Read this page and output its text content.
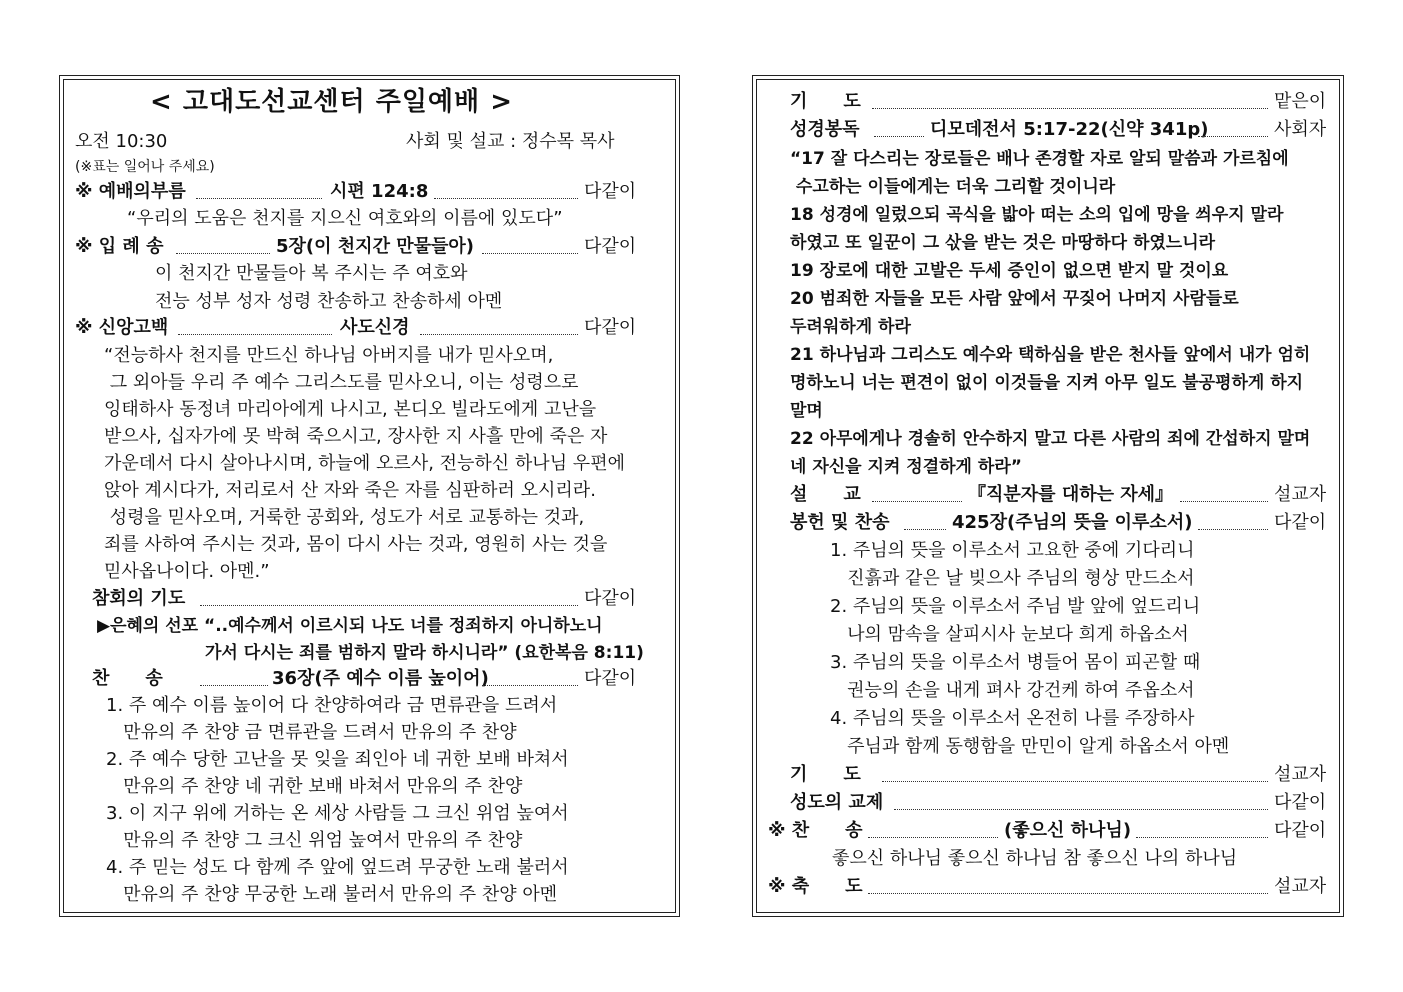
< 고대도선교센터 주일예배 >
오전 10:30	사회 및 설교 : 정수목 목사
(※표는 일어나 주세요)
※ 예배의부름	시편 124:8	다같이
“우리의 도움은 천지를 지으신 여호와의 이름에 있도다”
※ 입 례 송	5장(이 천지간 만물들아)	다같이
이 천지간 만물들아 복 주시는 주 여호와
전능 성부 성자 성령 찬송하고 찬송하세 아멘
※ 신앙고백	사도신경	다같이
“전능하사 천지를 만드신 하나님 아버지를 내가 믿사오며,
그 외아들 우리 주 예수 그리스도를 믿사오니, 이는 성령으로
잉태하사 동정녀 마리아에게 나시고, 본디오 빌라도에게 고난을
받으사, 십자가에 못 박혀 죽으시고, 장사한 지 사흘 만에 죽은 자
가운데서 다시 살아나시며, 하늘에 오르사, 전능하신 하나님 우편에
앉아 계시다가, 저리로서 산 자와 죽은 자를 심판하러 오시리라.
성령을 믿사오며, 거룩한 공회와, 성도가 서로 교통하는 것과,
죄를 사하여 주시는 것과, 몸이 다시 사는 것과, 영원히 사는 것을
믿사옵나이다. 아멘.”
참회의 기도	다같이
▶은혜의 선포 “..예수께서 이르시되 나도 너를 정죄하지 아니하노니
가서 다시는 죄를 범하지 말라 하시니라” (요한복음 8:11)
찬　　송	36장(주 예수 이름 높이어)	다같이
1. 주 예수 이름 높이어 다 찬양하여라 금 면류관을 드려서
만유의 주 찬양 금 면류관을 드려서 만유의 주 찬양
2. 주 예수 당한 고난을 못 잊을 죄인아 네 귀한 보배 바쳐서
만유의 주 찬양 네 귀한 보배 바쳐서 만유의 주 찬양
3. 이 지구 위에 거하는 온 세상 사람들 그 크신 위엄 높여서
만유의 주 찬양 그 크신 위엄 높여서 만유의 주 찬양
4. 주 믿는 성도 다 함께 주 앞에 엎드려 무궁한 노래 불러서
만유의 주 찬양 무궁한 노래 불러서 만유의 주 찬양 아멘
기　　도	맡은이
성경봉독	디모데전서 5:17-22(신약 341p)	사회자
“17 잘 다스리는 장로들은 배나 존경할 자로 알되 말씀과 가르침에
수고하는 이들에게는 더욱 그리할 것이니라
18 성경에 일렀으되 곡식을 밟아 떠는 소의 입에 망을 씌우지 말라
하였고 또 일꾼이 그 삯을 받는 것은 마땅하다 하였느니라
19 장로에 대한 고발은 두세 증인이 없으면 받지 말 것이요
20 범죄한 자들을 모든 사람 앞에서 꾸짖어 나머지 사람들로
두려워하게 하라
21 하나님과 그리스도 예수와 택하심을 받은 천사들 앞에서 내가 엄히
명하노니 너는 편견이 없이 이것들을 지켜 아무 일도 불공평하게 하지
말며
22 아무에게나 경솔히 안수하지 말고 다른 사람의 죄에 간섭하지 말며
네 자신을 지켜 정결하게 하라”
설　　교	『직분자를 대하는 자세』	설교자
봉헌 및 찬송	425장(주님의 뜻을 이루소서)	다같이
1. 주님의 뜻을 이루소서 고요한 중에 기다리니
진흙과 같은 날 빚으사 주님의 형상 만드소서
2. 주님의 뜻을 이루소서 주님 발 앞에 엎드리니
나의 맘속을 살피시사 눈보다 희게 하옵소서
3. 주님의 뜻을 이루소서 병들어 몸이 피곤할 때
권능의 손을 내게 펴사 강건케 하여 주옵소서
4. 주님의 뜻을 이루소서 온전히 나를 주장하사
주님과 함께 동행함을 만민이 알게 하옵소서 아멘
기　　도	설교자
성도의 교제	다같이
※ 찬　　송	(좋으신 하나님)	다같이
좋으신 하나님 좋으신 하나님 참 좋으신 나의 하나님
※ 축　　도	설교자
